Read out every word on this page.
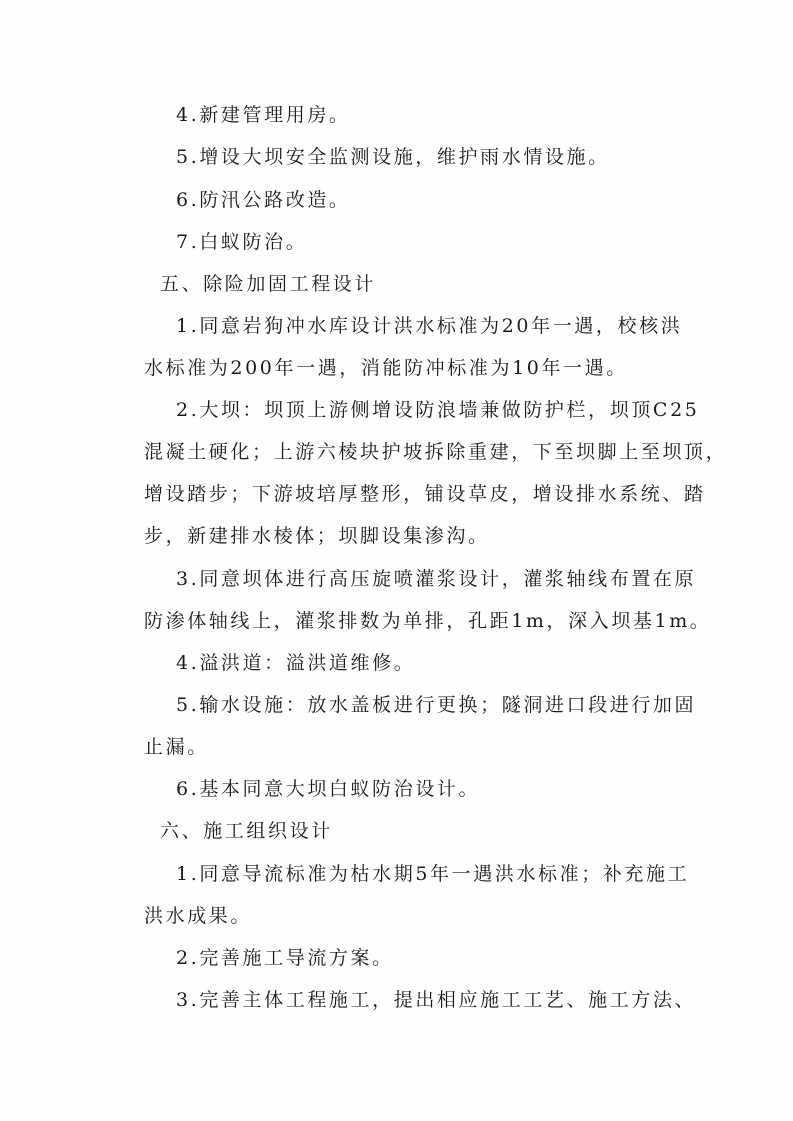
4.新建管理用房。
5.增设大坝安全监测设施，维护雨水情设施。
6.防汛公路改造。
7.白蚁防治。
五、除险加固工程设计
1.同意岩狗冲水库设计洪水标准为20年一遇，校核洪
水标准为200年一遇，消能防冲标准为10年一遇。
2.大坝：坝顶上游侧增设防浪墙兼做防护栏，坝顶C25
混凝土硬化；上游六棱块护坡拆除重建，下至坝脚上至坝顶，
增设踏步；下游坡培厚整形，铺设草皮，增设排水系统、踏
步，新建排水棱体；坝脚设集渗沟。
3.同意坝体进行高压旋喷灌浆设计，灌浆轴线布置在原
防渗体轴线上，灌浆排数为单排，孔距1m，深入坝基1m。
4.溢洪道：溢洪道维修。
5.输水设施：放水盖板进行更换；隧洞进口段进行加固
止漏。
6.基本同意大坝白蚁防治设计。
六、施工组织设计
1.同意导流标准为枯水期5年一遇洪水标准；补充施工
洪水成果。
2.完善施工导流方案。
3.完善主体工程施工，提出相应施工工艺、施工方法、
